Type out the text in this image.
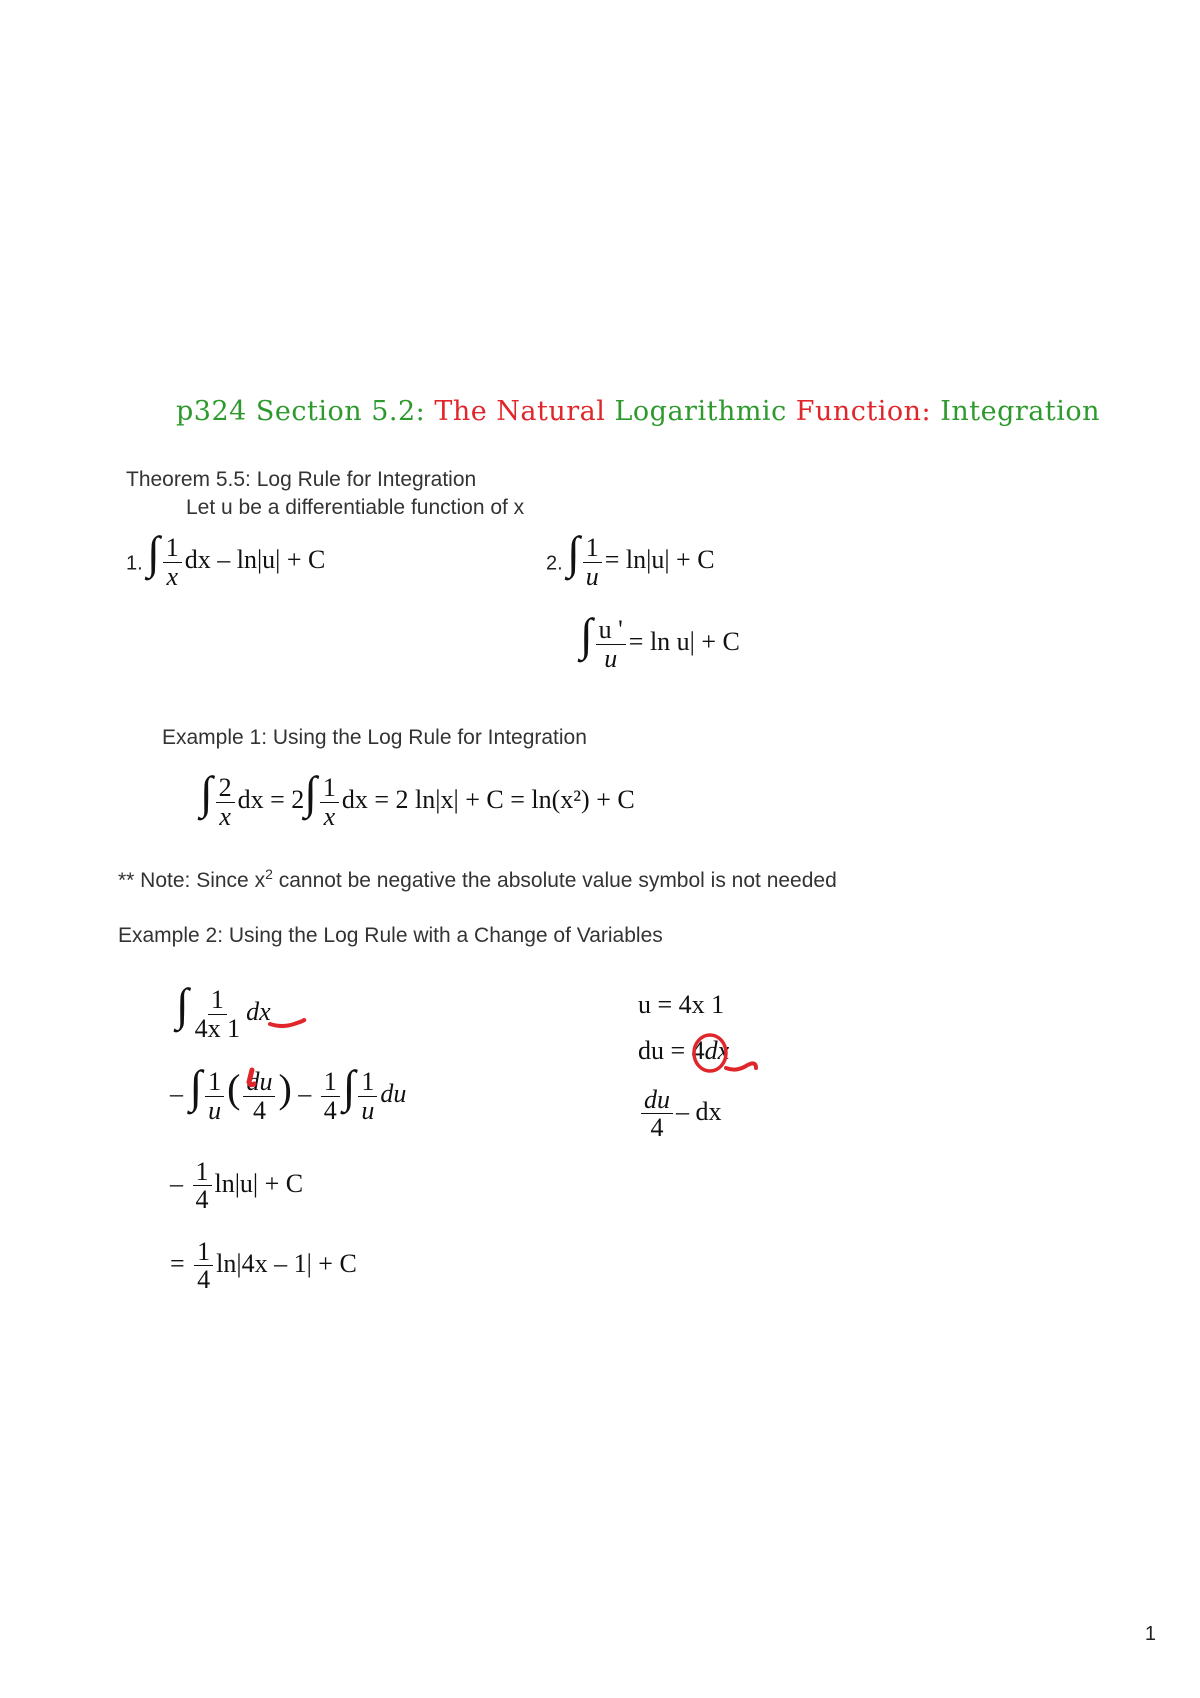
p324 Section 5.2: The Natural Logarithmic Function: Integration
Theorem 5.5: Log Rule for Integration
Let u be a differentiable function of x
1. ∫ $\frac{1}{x}$ dx – ln|u| + C	2. ∫ $\frac{1}{u} = \ln|u| + C$
∫ $\frac{u '}{u} = \ln u| + C$
Example 1: Using the Log Rule for Integration
∫ $\frac{2}{x}$ dx = $2\int \frac{1}{x}$ dx = 2 ln|x| + C = ln(x²) + C
** Note: Since $x^2$ cannot be negative the absolute value symbol is not needed
Example 2: Using the Log Rule with a Change of Variables
∫ $\frac{1}{4x 1}$ dx
– ∫ $\frac{1}{u}$ ( $\frac{du}{4}$ ) – $\frac{1}{4}$ ∫ $\frac{1}{u}$ du
– $\frac{1}{4} \ln|u| + C$
= $\frac{1}{4} \ln|4x - 1| + C$
u = 4x 1
du = 4dx
$\frac{du}{4}$ – dx
1
